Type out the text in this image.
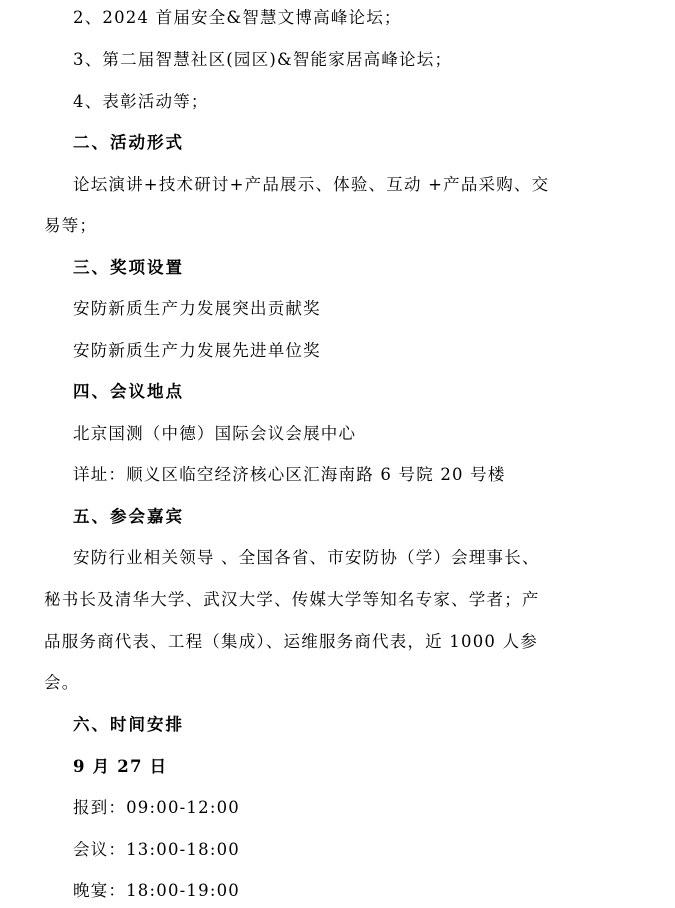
2、2024 首届安全&智慧文博高峰论坛；
3、第二届智慧社区(园区)&智能家居高峰论坛；
4、表彰活动等；
二、活动形式
论坛演讲+技术研讨+产品展示、体验、互动 +产品采购、交
易等；
三、奖项设置
安防新质生产力发展突出贡献奖
安防新质生产力发展先进单位奖
四、会议地点
北京国测（中德）国际会议会展中心
详址：顺义区临空经济核心区汇海南路 6 号院 20 号楼
五、参会嘉宾
安防行业相关领导 、全国各省、市安防协（学）会理事长、
秘书长及清华大学、武汉大学、传媒大学等知名专家、学者；产
品服务商代表、工程（集成）、运维服务商代表，近 1000 人参
会。
六、时间安排
9 月 27 日
报到：09:00-12:00
会议：13:00-18:00
晚宴：18:00-19:00
